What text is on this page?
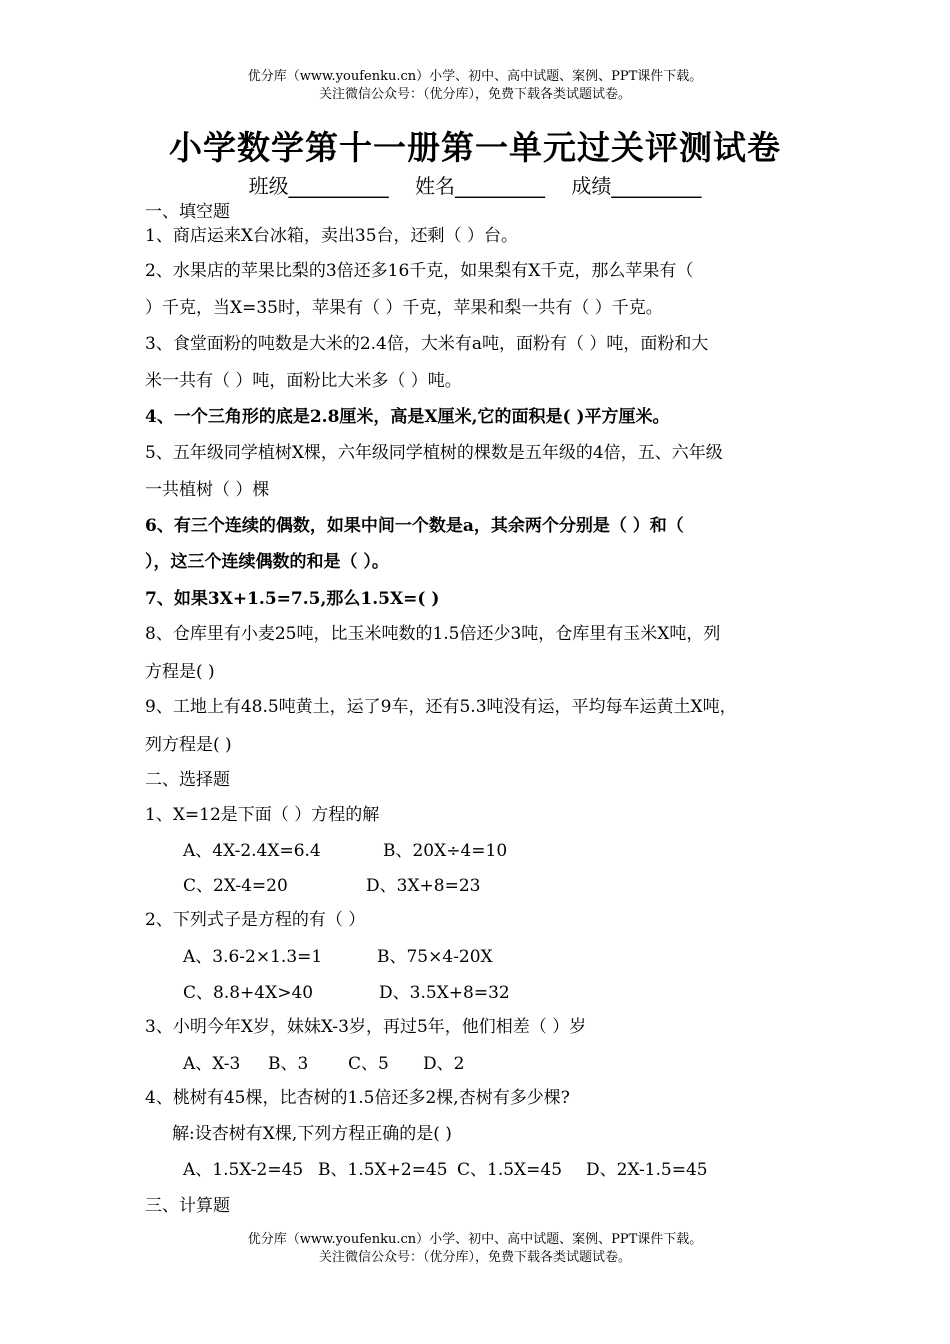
优分库（www.youfenku.cn）小学、初中、高中试题、案例、PPT课件下载。
关注微信公众号：（优分库），免费下载各类试题试卷。
小学数学第十一册第一单元过关评测试卷
班级__________ 姓名_________ 成绩_________
一、填空题
1、商店运来X台冰箱，卖出35台，还剩（ ）台。
2、水果店的苹果比梨的3倍还多16千克，如果梨有X千克，那么苹果有（
）千克，当X=35时，苹果有（ ）千克，苹果和梨一共有（ ）千克。
3、食堂面粉的吨数是大米的2.4倍，大米有a吨，面粉有（ ）吨，面粉和大
米一共有（ ）吨，面粉比大米多（ ）吨。
4、一个三角形的底是2.8厘米，高是X厘米,它的面积是( )平方厘米。
5、五年级同学植树X棵，六年级同学植树的棵数是五年级的4倍，五、六年级
一共植树（ ）棵
6、有三个连续的偶数，如果中间一个数是a，其余两个分别是（ ）和（
），这三个连续偶数的和是（ ）。
7、如果3X+1.5=7.5,那么1.5X=( )
8、仓库里有小麦25吨，比玉米吨数的1.5倍还少3吨，仓库里有玉米X吨，列
方程是( )
9、工地上有48.5吨黄土，运了9车，还有5.3吨没有运，平均每车运黄土X吨，
列方程是( )
二、选择题
1、X=12是下面（ ）方程的解
A、4X-2.4X=6.4	B、20X÷4=10
C、2X-4=20	D、3X+8=23
2、下列式子是方程的有（ ）
A、3.6-2×1.3=1	B、75×4-20X
C、8.8+4X>40	D、3.5X+8=32
3、小明今年X岁，妹妹X-3岁，再过5年，他们相差（ ）岁
A、X-3 B、3 C、5 D、2
4、桃树有45棵，比杏树的1.5倍还多2棵,杏树有多少棵?
解:设杏树有X棵,下列方程正确的是( )
A、1.5X-2=45 B、1.5X+2=45 C、1.5X=45 D、2X-1.5=45
三、计算题
优分库（www.youfenku.cn）小学、初中、高中试题、案例、PPT课件下载。
关注微信公众号：（优分库），免费下载各类试题试卷。
